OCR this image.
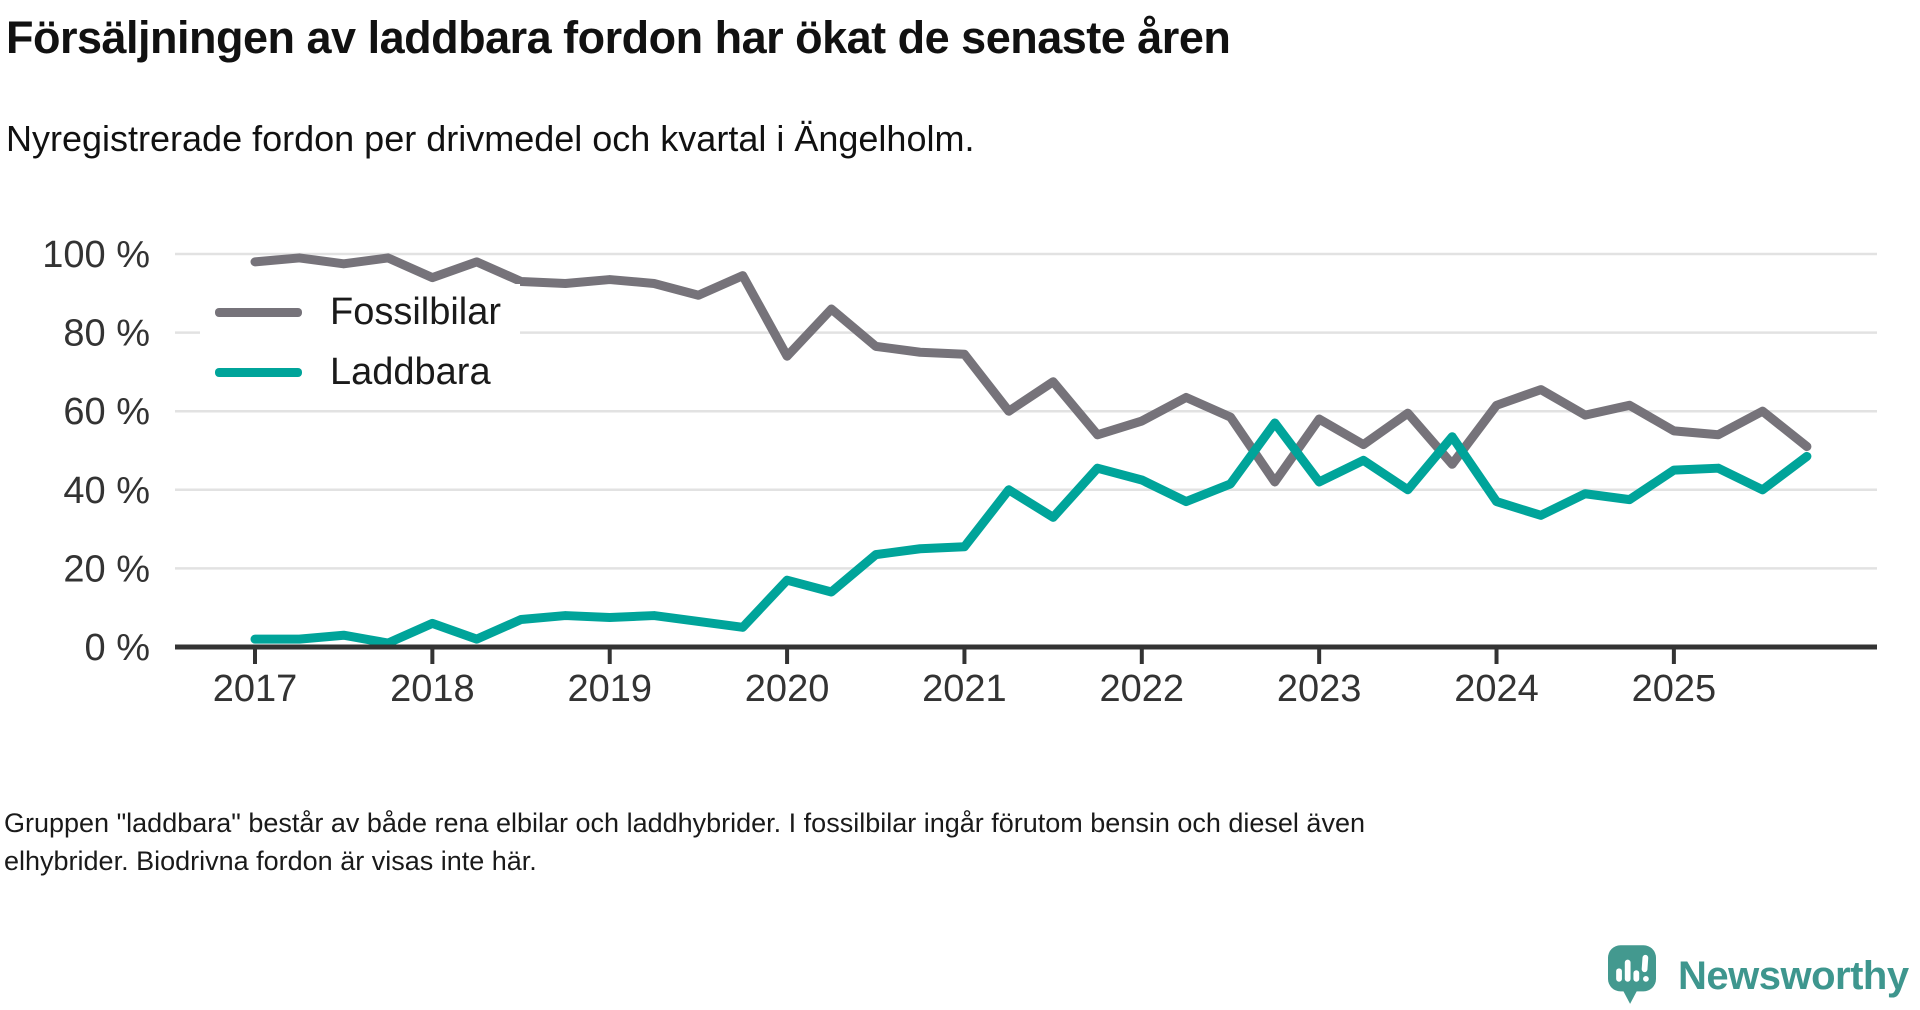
Försäljningen av laddbara fordon har ökat de senaste åren
Nyregistrerade fordon per drivmedel och kvartal i Ängelholm.
100 %
80 %
60 %
40 %
20 %
0 %
2017 2018 2019 2020 2021 2022 2023 2024 2025
Fossilbilar
Laddbara
Gruppen "laddbara" består av både rena elbilar och laddhybrider. I fossilbilar ingår förutom bensin och diesel även
elhybrider. Biodrivna fordon är visas inte här.
Newsworthy
